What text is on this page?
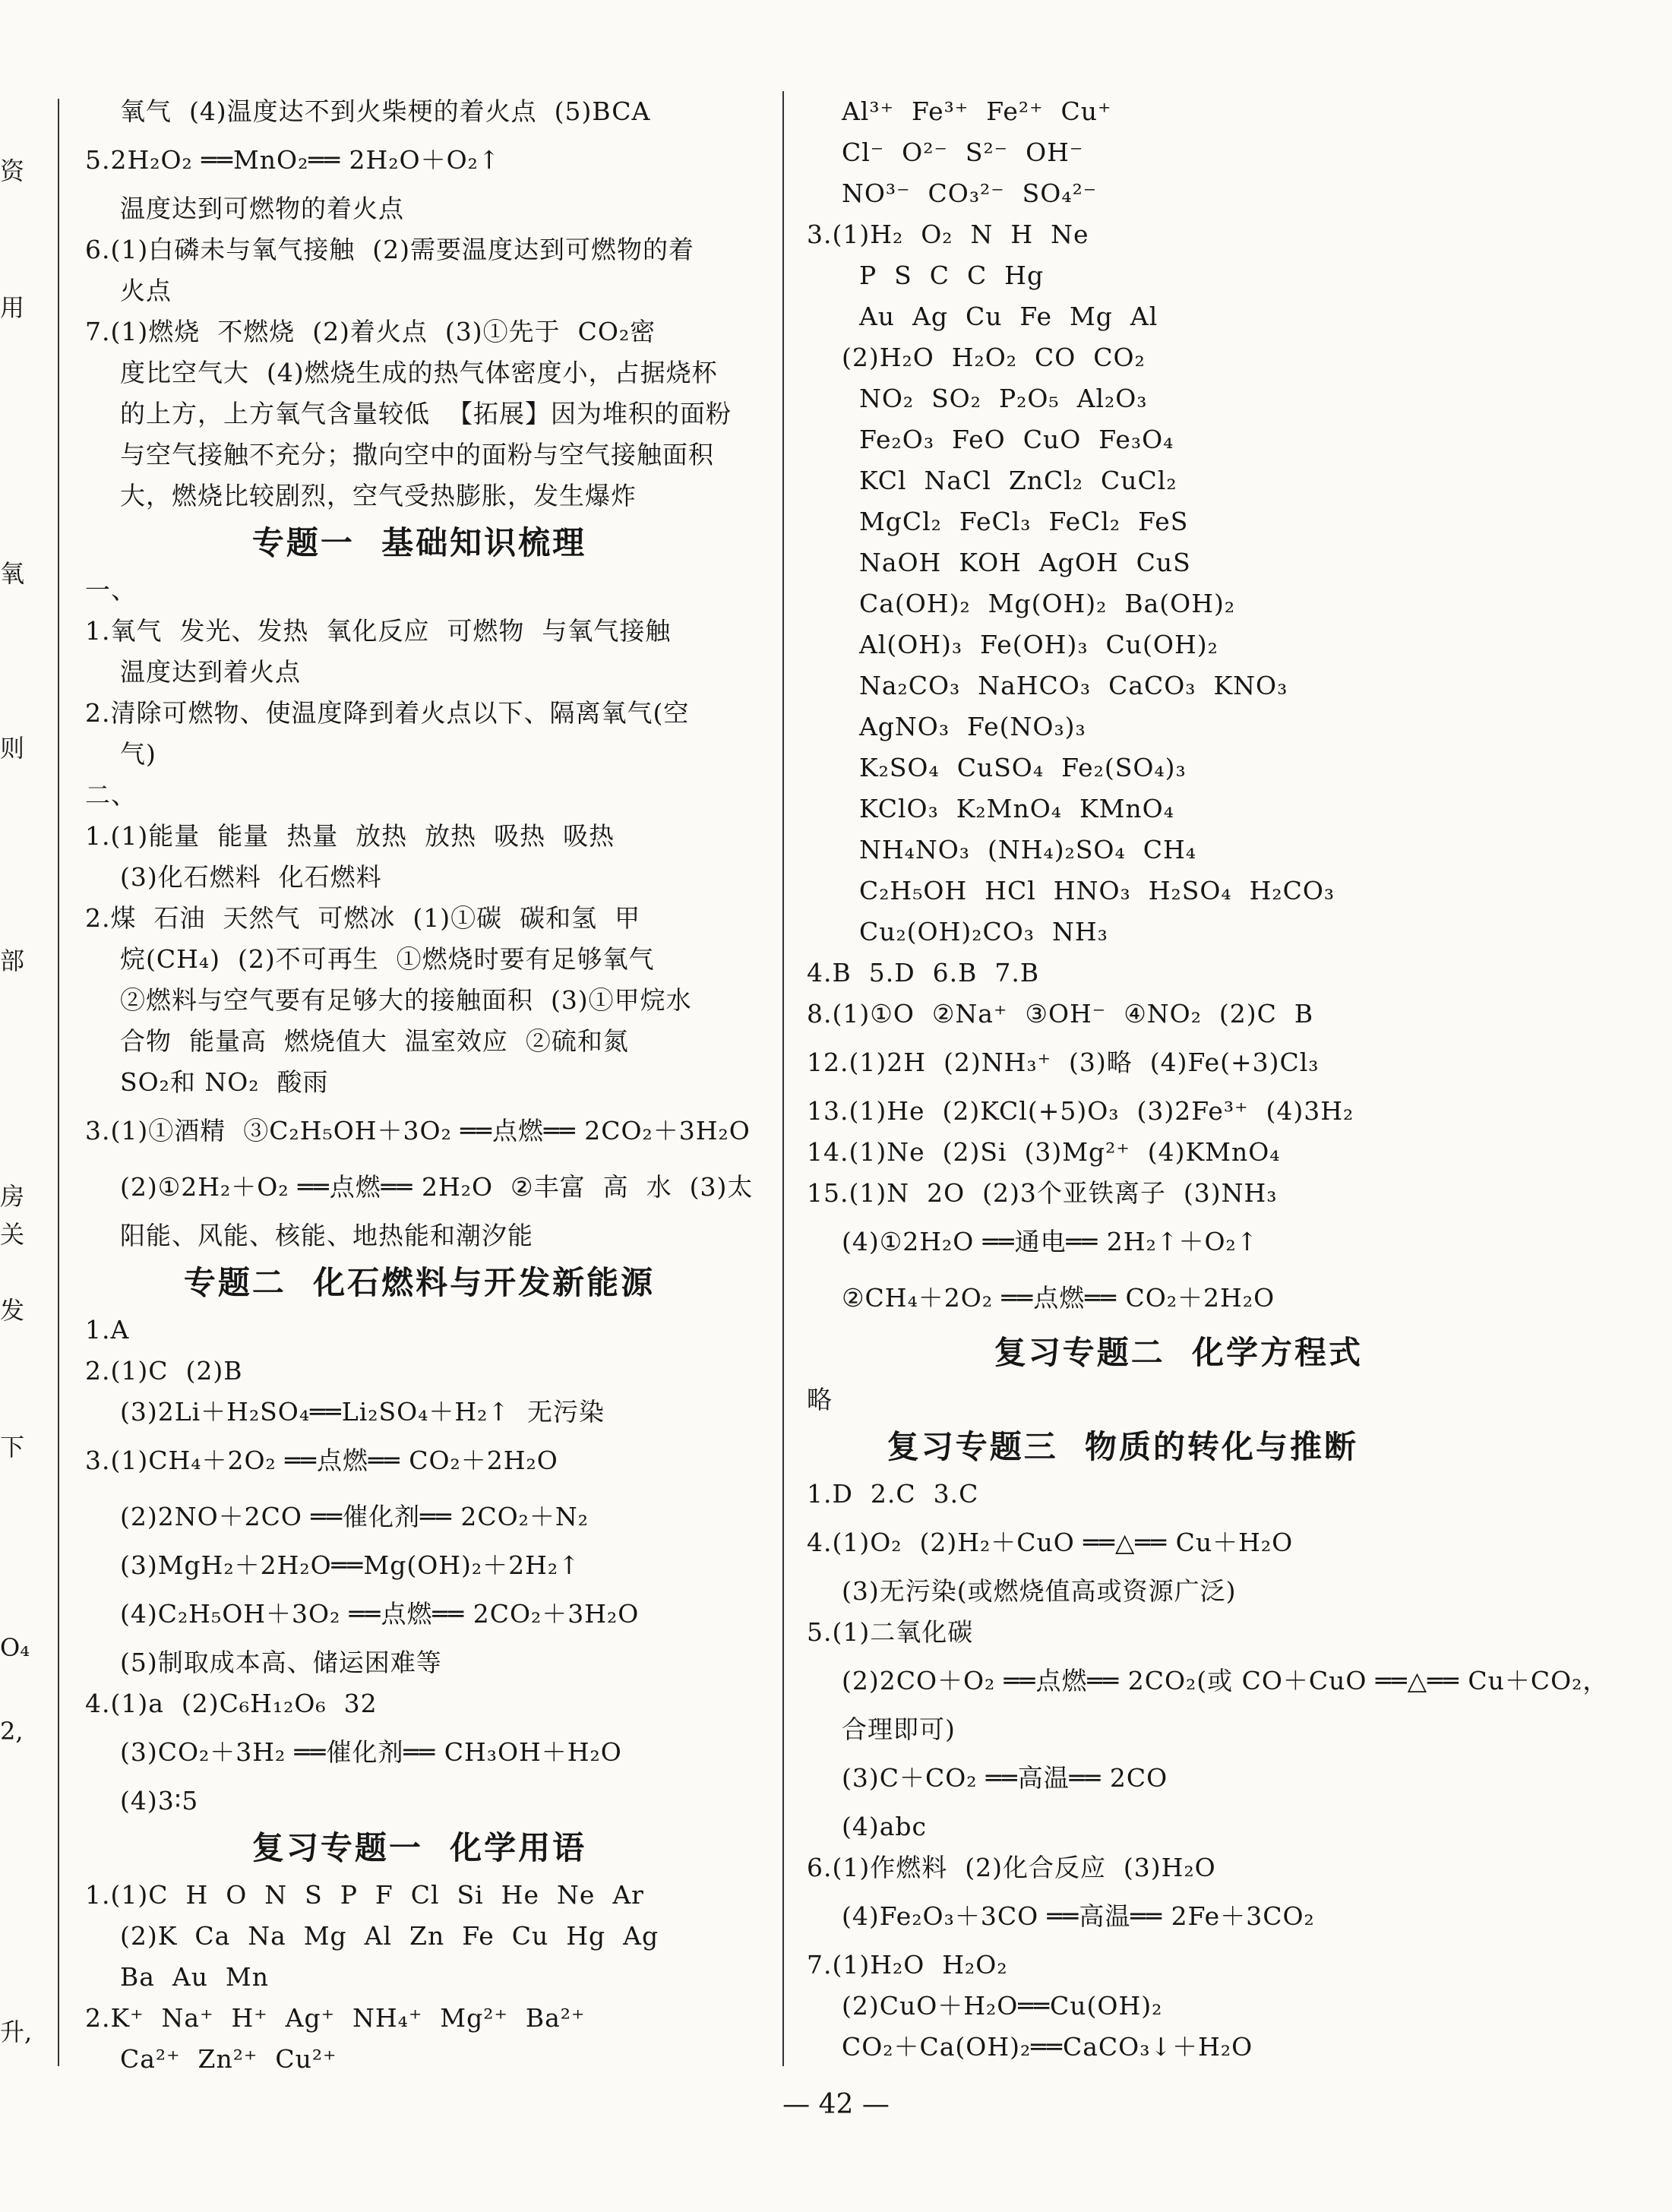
资
用
氧
则
部
房
关
发
下
O₄
2,
升,
氧气  (4)温度达不到火柴梗的着火点  (5)BCA
5.2H₂O₂ ══MnO₂══ 2H₂O＋O₂↑
温度达到可燃物的着火点
6.(1)白磷未与氧气接触  (2)需要温度达到可燃物的着
火点
7.(1)燃烧  不燃烧  (2)着火点  (3)①先于  CO₂密
度比空气大  (4)燃烧生成的热气体密度小，占据烧杯
的上方，上方氧气含量较低  【拓展】因为堆积的面粉
与空气接触不充分；撒向空中的面粉与空气接触面积
大，燃烧比较剧烈，空气受热膨胀，发生爆炸
专题一  基础知识梳理
一、
1.氧气  发光、发热  氧化反应  可燃物  与氧气接触
温度达到着火点
2.清除可燃物、使温度降到着火点以下、隔离氧气(空
气)
二、
1.(1)能量  能量  热量  放热  放热  吸热  吸热
(3)化石燃料  化石燃料
2.煤  石油  天然气  可燃冰  (1)①碳  碳和氢  甲
烷(CH₄)  (2)不可再生  ①燃烧时要有足够氧气
②燃料与空气要有足够大的接触面积  (3)①甲烷水
合物  能量高  燃烧值大  温室效应  ②硫和氮
SO₂和 NO₂  酸雨
3.(1)①酒精  ③C₂H₅OH＋3O₂ ══点燃══ 2CO₂＋3H₂O
(2)①2H₂＋O₂ ══点燃══ 2H₂O  ②丰富  高  水  (3)太
阳能、风能、核能、地热能和潮汐能
专题二  化石燃料与开发新能源
1.A
2.(1)C  (2)B
(3)2Li＋H₂SO₄══Li₂SO₄＋H₂↑  无污染
3.(1)CH₄＋2O₂ ══点燃══ CO₂＋2H₂O
(2)2NO＋2CO ══催化剂══ 2CO₂＋N₂
(3)MgH₂＋2H₂O══Mg(OH)₂＋2H₂↑
(4)C₂H₅OH＋3O₂ ══点燃══ 2CO₂＋3H₂O
(5)制取成本高、储运困难等
4.(1)a  (2)C₆H₁₂O₆  32
(3)CO₂＋3H₂ ══催化剂══ CH₃OH＋H₂O
(4)3∶5
复习专题一  化学用语
1.(1)C  H  O  N  S  P  F  Cl  Si  He  Ne  Ar
(2)K  Ca  Na  Mg  Al  Zn  Fe  Cu  Hg  Ag
Ba  Au  Mn
2.K⁺  Na⁺  H⁺  Ag⁺  NH₄⁺  Mg²⁺  Ba²⁺
Ca²⁺  Zn²⁺  Cu²⁺
Al³⁺  Fe³⁺  Fe²⁺  Cu⁺
Cl⁻  O²⁻  S²⁻  OH⁻
NO³⁻  CO₃²⁻  SO₄²⁻
3.(1)H₂  O₂  N  H  Ne
P  S  C  C  Hg
Au  Ag  Cu  Fe  Mg  Al
(2)H₂O  H₂O₂  CO  CO₂
NO₂  SO₂  P₂O₅  Al₂O₃
Fe₂O₃  FeO  CuO  Fe₃O₄
KCl  NaCl  ZnCl₂  CuCl₂
MgCl₂  FeCl₃  FeCl₂  FeS
NaOH  KOH  AgOH  CuS
Ca(OH)₂  Mg(OH)₂  Ba(OH)₂
Al(OH)₃  Fe(OH)₃  Cu(OH)₂
Na₂CO₃  NaHCO₃  CaCO₃  KNO₃
AgNO₃  Fe(NO₃)₃
K₂SO₄  CuSO₄  Fe₂(SO₄)₃
KClO₃  K₂MnO₄  KMnO₄
NH₄NO₃  (NH₄)₂SO₄  CH₄
C₂H₅OH  HCl  HNO₃  H₂SO₄  H₂CO₃
Cu₂(OH)₂CO₃  NH₃
4.B  5.D  6.B  7.B
8.(1)①O  ②Na⁺  ③OH⁻  ④NO₂  (2)C  B
12.(1)2H  (2)NH₃⁺  (3)略  (4)Fe(+3)Cl₃
13.(1)He  (2)KCl(+5)O₃  (3)2Fe³⁺  (4)3H₂
14.(1)Ne  (2)Si  (3)Mg²⁺  (4)KMnO₄
15.(1)N  2O  (2)3个亚铁离子  (3)NH₃
(4)①2H₂O ══通电══ 2H₂↑＋O₂↑
②CH₄＋2O₂ ══点燃══ CO₂＋2H₂O
复习专题二  化学方程式
略
复习专题三  物质的转化与推断
1.D  2.C  3.C
4.(1)O₂  (2)H₂＋CuO ══△══ Cu＋H₂O
(3)无污染(或燃烧值高或资源广泛)
5.(1)二氧化碳
(2)2CO＋O₂ ══点燃══ 2CO₂(或 CO＋CuO ══△══ Cu＋CO₂，
合理即可)
(3)C＋CO₂ ══高温══ 2CO
(4)abc
6.(1)作燃料  (2)化合反应  (3)H₂O
(4)Fe₂O₃＋3CO ══高温══ 2Fe＋3CO₂
7.(1)H₂O  H₂O₂
(2)CuO＋H₂O══Cu(OH)₂
CO₂＋Ca(OH)₂══CaCO₃↓＋H₂O
— 42 —
